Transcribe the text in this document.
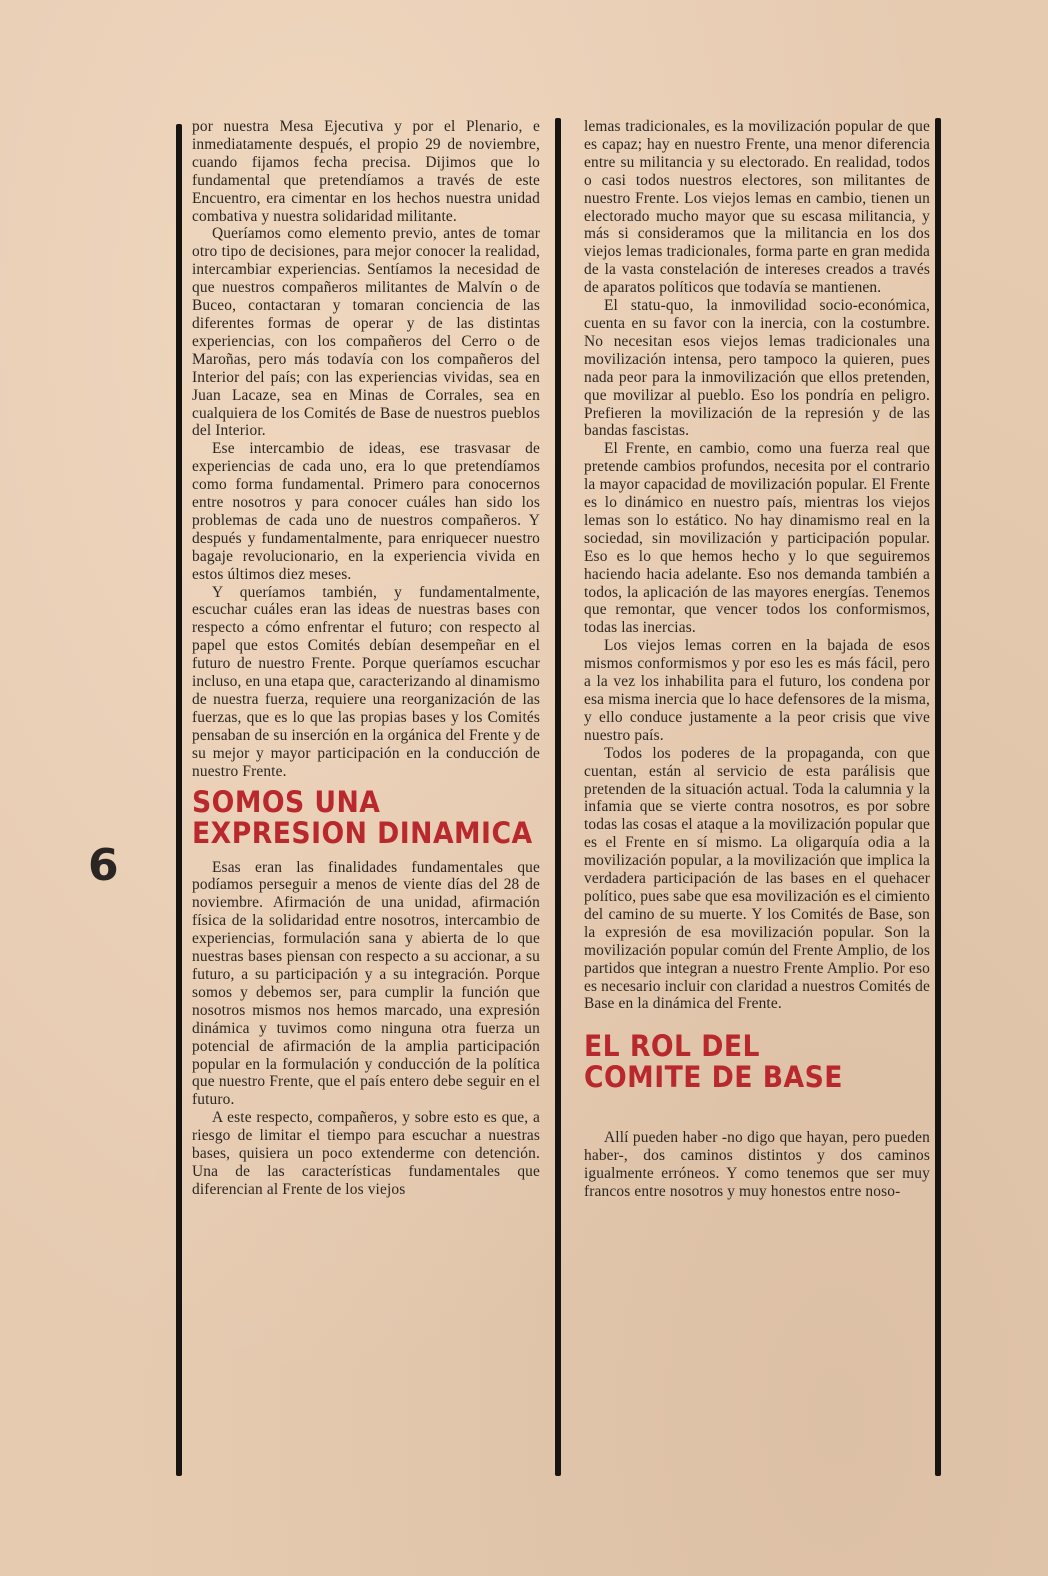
6

por nuestra Mesa Ejecutiva y por el Plenario, e inmediatamente después, el propio 29 de noviembre, cuando fijamos fecha precisa. Dijimos que lo fundamental que pretendíamos a través de este Encuentro, era cimentar en los hechos nuestra unidad combativa y nuestra solidaridad militante.

Queríamos como elemento previo, antes de tomar otro tipo de decisiones, para mejor conocer la realidad, intercambiar experiencias. Sentíamos la necesidad de que nuestros compañeros militantes de Malvín o de Buceo, contactaran y tomaran conciencia de las diferentes formas de operar y de las distintas experiencias, con los compañeros del Cerro o de Maroñas, pero más todavía con los compañeros del Interior del país; con las experiencias vividas, sea en Juan Lacaze, sea en Minas de Corrales, sea en cualquiera de los Comités de Base de nuestros pueblos del Interior.

Ese intercambio de ideas, ese trasvasar de experiencias de cada uno, era lo que pretendíamos como forma fundamental. Primero para conocernos entre nosotros y para conocer cuáles han sido los problemas de cada uno de nuestros compañeros. Y después y fundamentalmente, para enriquecer nuestro bagaje revolucionario, en la experiencia vivida en estos últimos diez meses.

Y queríamos también, y fundamentalmente, escuchar cuáles eran las ideas de nuestras bases con respecto a cómo enfrentar el futuro; con respecto al papel que estos Comités debían desempeñar en el futuro de nuestro Frente. Porque queríamos escuchar incluso, en una etapa que, caracterizando al dinamismo de nuestra fuerza, requiere una reorganización de las fuerzas, que es lo que las propias bases y los Comités pensaban de su inserción en la orgánica del Frente y de su mejor y mayor participación en la conducción de nuestro Frente.

SOMOS UNA
EXPRESION DINAMICA

Esas eran las finalidades fundamentales que podíamos perseguir a menos de viente días del 28 de noviembre. Afirmación de una unidad, afirmación física de la solidaridad entre nosotros, intercambio de experiencias, formulación sana y abierta de lo que nuestras bases piensan con respecto a su accionar, a su futuro, a su participación y a su integración. Porque somos y debemos ser, para cumplir la función que nosotros mismos nos hemos marcado, una expresión dinámica y tuvimos como ninguna otra fuerza un potencial de afirmación de la amplia participación popular en la formulación y conducción de la política que nuestro Frente, que el país entero debe seguir en el futuro.

A este respecto, compañeros, y sobre esto es que, a riesgo de limitar el tiempo para escuchar a nuestras bases, quisiera un poco extenderme con detención. Una de las características fundamentales que diferencian al Frente de los viejos

lemas tradicionales, es la movilización popular de que es capaz; hay en nuestro Frente, una menor diferencia entre su militancia y su electorado. En realidad, todos o casi todos nuestros electores, son militantes de nuestro Frente. Los viejos lemas en cambio, tienen un electorado mucho mayor que su escasa militancia, y más si consideramos que la militancia en los dos viejos lemas tradicionales, forma parte en gran medida de la vasta constelación de intereses creados a través de aparatos políticos que todavía se mantienen.

El statu-quo, la inmovilidad socio-económica, cuenta en su favor con la inercia, con la costumbre. No necesitan esos viejos lemas tradicionales una movilización intensa, pero tampoco la quieren, pues nada peor para la inmovilización que ellos pretenden, que movilizar al pueblo. Eso los pondría en peligro. Prefieren la movilización de la represión y de las bandas fascistas.

El Frente, en cambio, como una fuerza real que pretende cambios profundos, necesita por el contrario la mayor capacidad de movilización popular. El Frente es lo dinámico en nuestro país, mientras los viejos lemas son lo estático. No hay dinamismo real en la sociedad, sin movilización y participación popular. Eso es lo que hemos hecho y lo que seguiremos haciendo hacia adelante. Eso nos demanda también a todos, la aplicación de las mayores energías. Tenemos que remontar, que vencer todos los conformismos, todas las inercias.

Los viejos lemas corren en la bajada de esos mismos conformismos y por eso les es más fácil, pero a la vez los inhabilita para el futuro, los condena por esa misma inercia que lo hace defensores de la misma, y ello conduce justamente a la peor crisis que vive nuestro país.

Todos los poderes de la propaganda, con que cuentan, están al servicio de esta parálisis que pretenden de la situación actual. Toda la calumnia y la infamia que se vierte contra nosotros, es por sobre todas las cosas el ataque a la movilización popular que es el Frente en sí mismo. La oligarquía odia a la movilización popular, a la movilización que implica la verdadera participación de las bases en el quehacer político, pues sabe que esa movilización es el cimiento del camino de su muerte. Y los Comités de Base, son la expresión de esa movilización popular. Son la movilización popular común del Frente Amplio, de los partidos que integran a nuestro Frente Amplio. Por eso es necesario incluir con claridad a nuestros Comités de Base en la dinámica del Frente.

EL ROL DEL
COMITE DE BASE

Allí pueden haber -no digo que hayan, pero pueden haber-, dos caminos distintos y dos caminos igualmente erróneos. Y como tenemos que ser muy francos entre nosotros y muy honestos entre noso-
